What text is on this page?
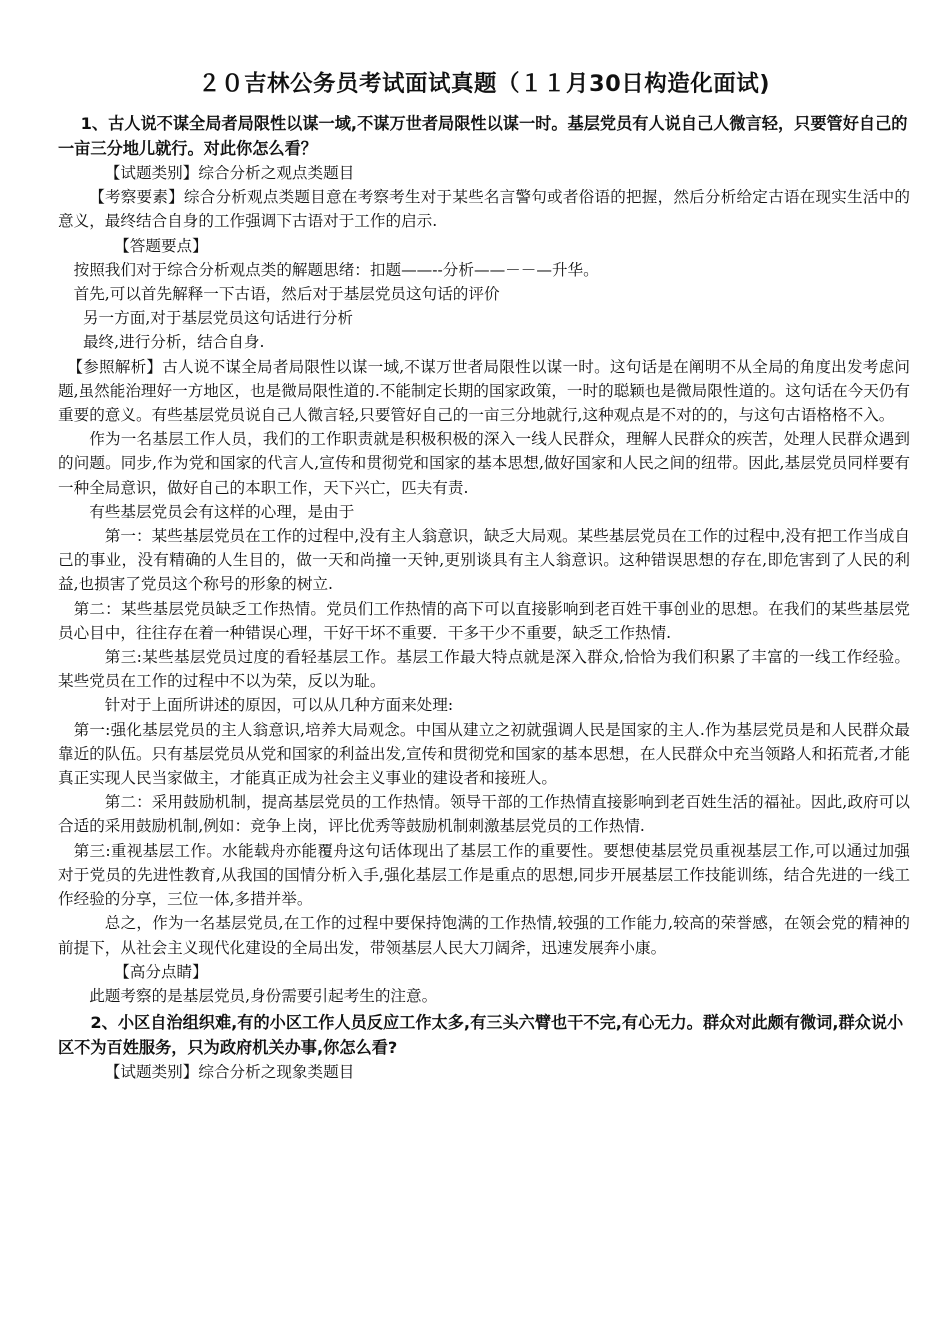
２０吉林公务员考试面试真题（１１月30日构造化面试)

1、古人说不谋全局者局限性以谋一域,不谋万世者局限性以谋一时。基层党员有人说自己人微言轻，只要管好自己的一亩三分地儿就行。对此你怎么看？

【试题类别】综合分析之观点类题目

【考察要素】综合分析观点类题目意在考察考生对于某些名言警句或者俗语的把握，然后分析给定古语在现实生活中的意义，最终结合自身的工作强调下古语对于工作的启示.

【答题要点】

按照我们对于综合分析观点类的解题思绪：扣题——--分析——－－—升华。

首先,可以首先解释一下古语，然后对于基层党员这句话的评价

另一方面,对于基层党员这句话进行分析

最终,进行分析，结合自身.

【参照解析】古人说不谋全局者局限性以谋一域,不谋万世者局限性以谋一时。这句话是在阐明不从全局的角度出发考虑问题,虽然能治理好一方地区，也是微局限性道的.不能制定长期的国家政策，一时的聪颖也是微局限性道的。这句话在今天仍有重要的意义。有些基层党员说自己人微言轻,只要管好自己的一亩三分地就行,这种观点是不对的的，与这句古语格格不入。

作为一名基层工作人员，我们的工作职责就是积极积极的深入一线人民群众，理解人民群众的疾苦，处理人民群众遇到的问题。同步,作为党和国家的代言人,宣传和贯彻党和国家的基本思想,做好国家和人民之间的纽带。因此,基层党员同样要有一种全局意识，做好自己的本职工作，天下兴亡，匹夫有责.

有些基层党员会有这样的心理，是由于

第一：某些基层党员在工作的过程中,没有主人翁意识，缺乏大局观。某些基层党员在工作的过程中,没有把工作当成自己的事业，没有精确的人生目的，做一天和尚撞一天钟,更别谈具有主人翁意识。这种错误思想的存在,即危害到了人民的利益,也损害了党员这个称号的形象的树立.

第二：某些基层党员缺乏工作热情。党员们工作热情的高下可以直接影响到老百姓干事创业的思想。在我们的某些基层党员心目中，往往存在着一种错误心理，干好干坏不重要．干多干少不重要，缺乏工作热情.

第三:某些基层党员过度的看轻基层工作。基层工作最大特点就是深入群众,恰恰为我们积累了丰富的一线工作经验。某些党员在工作的过程中不以为荣，反以为耻。

针对于上面所讲述的原因，可以从几种方面来处理:

第一:强化基层党员的主人翁意识,培养大局观念。中国从建立之初就强调人民是国家的主人.作为基层党员是和人民群众最靠近的队伍。只有基层党员从党和国家的利益出发,宣传和贯彻党和国家的基本思想，在人民群众中充当领路人和拓荒者,才能真正实现人民当家做主，才能真正成为社会主义事业的建设者和接班人。

第二：采用鼓励机制，提高基层党员的工作热情。领导干部的工作热情直接影响到老百姓生活的福祉。因此,政府可以合适的采用鼓励机制,例如：竞争上岗，评比优秀等鼓励机制刺激基层党员的工作热情.

第三:重视基层工作。水能载舟亦能覆舟这句话体现出了基层工作的重要性。要想使基层党员重视基层工作,可以通过加强对于党员的先进性教育,从我国的国情分析入手,强化基层工作是重点的思想,同步开展基层工作技能训练，结合先进的一线工作经验的分享，三位一体,多措并举。

总之，作为一名基层党员,在工作的过程中要保持饱满的工作热情,较强的工作能力,较高的荣誉感，在领会党的精神的前提下，从社会主义现代化建设的全局出发，带领基层人民大刀阔斧，迅速发展奔小康。

【高分点睛】

此题考察的是基层党员,身份需要引起考生的注意。

2、小区自治组织难,有的小区工作人员反应工作太多,有三头六臂也干不完,有心无力。群众对此颇有微词,群众说小区不为百姓服务，只为政府机关办事,你怎么看?

【试题类别】综合分析之现象类题目
